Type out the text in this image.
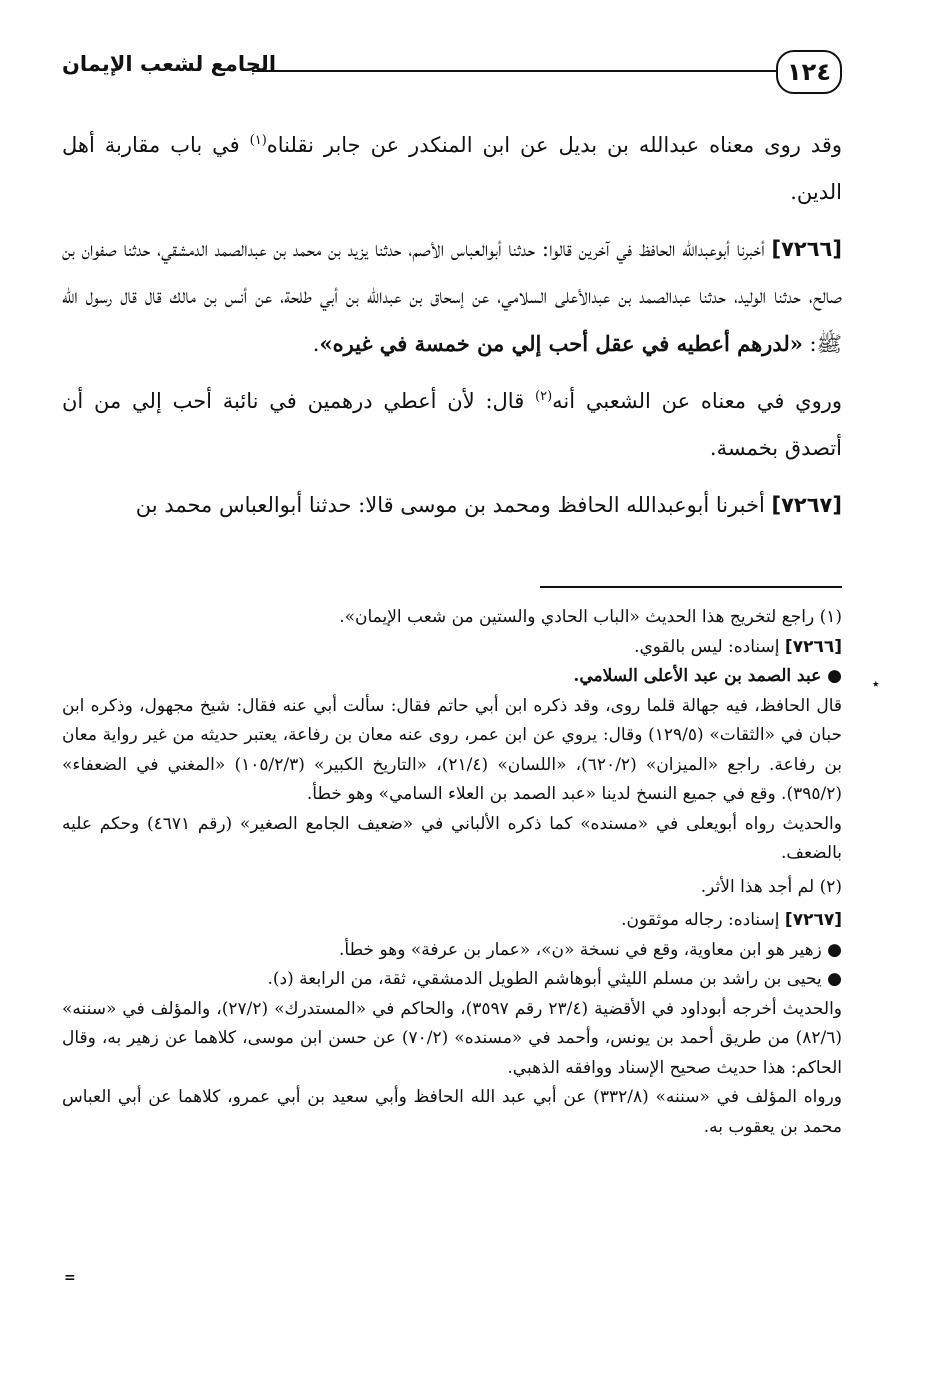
الجامع لشعب الإيمان	١٢٤

وقد روى معناه عبدالله بن بديل عن ابن المنكدر عن جابر نقلناه$^{(١)}$ في باب مقاربة أهل الدين.

[٧٢٦٦] أخبرنا أبوعبدالله الحافظ في آخرين قالوا: حدثنا أبوالعباس الأصم، حدثنا يزيد بن محمد بن عبدالصمد الدمشقي، حدثنا صفوان بن صالح، حدثنا الوليد، حدثنا عبدالصمد بن عبدالأعلى السلامي، عن إسحاق بن عبدالله بن أبي طلحة، عن أنس بن مالك قال قال رسول الله ﷺ: «لدرهم أعطيه في عقل أحب إلي من خمسة في غيره».

وروي في معناه عن الشعبي أنه$^{(٢)}$ قال: لأن أعطي درهمين في نائبة أحب إلي من أن أتصدق بخمسة.

[٧٢٦٧] أخبرنا أبوعبدالله الحافظ ومحمد بن موسى قالا: حدثنا أبوالعباس محمد بن

(١) راجع لتخريج هذا الحديث «الباب الحادي والستين من شعب الإيمان».

[٧٢٦٦] إسناده: ليس بالقوي.

● عبد الصمد بن عبد الأعلى السلامي.

قال الحافظ، فيه جهالة قلما روى، وقد ذكره ابن أبي حاتم فقال: سألت أبي عنه فقال: شيخ مجهول، وذكره ابن حبان في «الثقات» (١٢٩/٥) وقال: يروي عن ابن عمر، روى عنه معان بن رفاعة، يعتبر حديثه من غير رواية معان بن رفاعة. راجع «الميزان» (٦٢٠/٢)، «اللسان» (٢١/٤)، «التاريخ الكبير» (١٠٥/٢/٣) «المغني في الضعفاء» (٣٩٥/٢). وقع في جميع النسخ لدينا «عبد الصمد بن العلاء السامي» وهو خطأ.

والحديث رواه أبويعلى في «مسنده» كما ذكره الألباني في «ضعيف الجامع الصغير» (رقم ٤٦٧١) وحكم عليه بالضعف.

(٢) لم أجد هذا الأثر.

[٧٢٦٧] إسناده: رجاله موثقون.

● زهير هو ابن معاوية، وقع في نسخة «ن»، «عمار بن عرفة» وهو خطأ.

● يحيى بن راشد بن مسلم الليثي أبوهاشم الطويل الدمشقي، ثقة، من الرابعة (د).

والحديث أخرجه أبوداود في الأقضية (٢٣/٤ رقم ٣٥٩٧)، والحاكم في «المستدرك» (٢٧/٢)، والمؤلف في «سننه» (٨٢/٦) من طريق أحمد بن يونس، وأحمد في «مسنده» (٧٠/٢) عن حسن ابن موسى، كلاهما عن زهير به، وقال الحاكم: هذا حديث صحيح الإسناد ووافقه الذهبي.

ورواه المؤلف في «سننه» (٣٣٢/٨) عن أبي عبد الله الحافظ وأبي سعيد بن أبي عمرو، كلاهما عن أبي العباس محمد بن يعقوب به.

٭
=
